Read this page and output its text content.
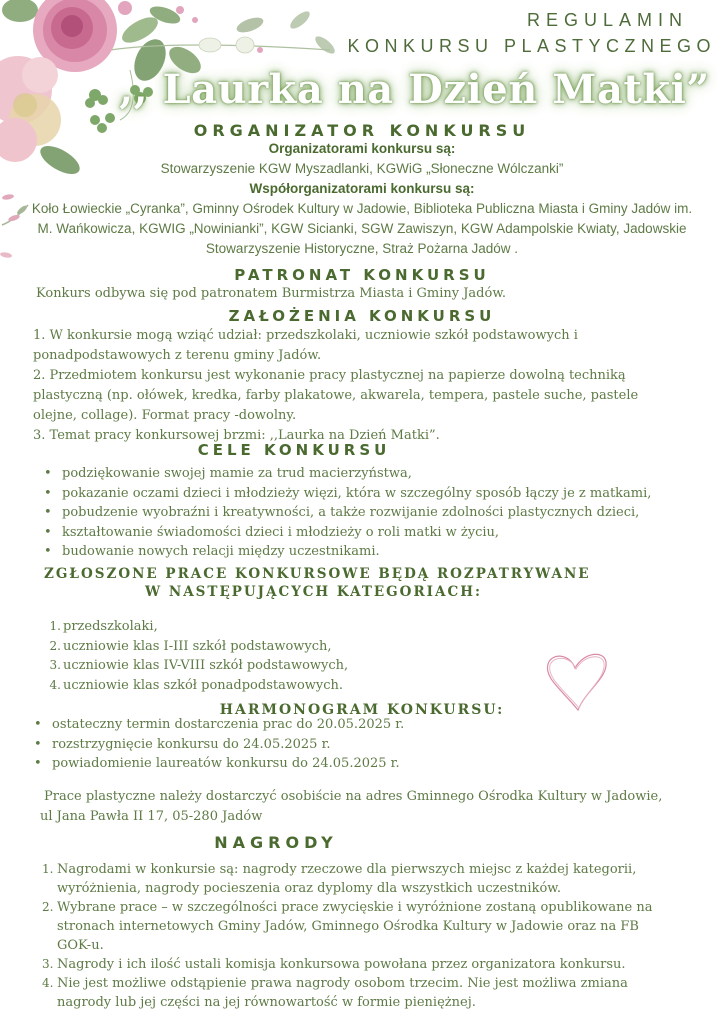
REGULAMIN
KONKURSU PLASTYCZNEGO
,, Laurka na Dzień Matki”
ORGANIZATOR KONKURSU
Organizatorami konkursu są:
Stowarzyszenie KGW Myszadlanki, KGWiG „Słoneczne Wólczanki”
Współorganizatorami konkursu są:
Koło Łowieckie „Cyranka”, Gminny Ośrodek Kultury w Jadowie, Biblioteka Publiczna Miasta i Gminy Jadów im.
M. Wańkowicza, KGWIG „Nowinianki”, KGW Sicianki, SGW Zawiszyn, KGW Adampolskie Kwiaty, Jadowskie
Stowarzyszenie Historyczne, Straż Pożarna Jadów .
PATRONAT KONKURSU
Konkurs odbywa się pod patronatem Burmistrza Miasta i Gminy Jadów.
ZAŁOŻENIA KONKURSU
1. W konkursie mogą wziąć udział: przedszkolaki, uczniowie szkół podstawowych i
ponadpodstawowych z terenu gminy Jadów.
2. Przedmiotem konkursu jest wykonanie pracy plastycznej na papierze dowolną techniką
plastyczną (np. ołówek, kredka, farby plakatowe, akwarela, tempera, pastele suche, pastele
olejne, collage). Format pracy -dowolny.
3. Temat pracy konkursowej brzmi: ,,Laurka na Dzień Matki”.
CELE KONKURSU
• podziękowanie swojej mamie za trud macierzyństwa,
• pokazanie oczami dzieci i młodzieży więzi, która w szczególny sposób łączy je z matkami,
• pobudzenie wyobraźni i kreatywności, a także rozwijanie zdolności plastycznych dzieci,
• kształtowanie świadomości dzieci i młodzieży o roli matki w życiu,
• budowanie nowych relacji między uczestnikami.
ZGŁOSZONE PRACE KONKURSOWE BĘDĄ ROZPATRYWANE
W NASTĘPUJĄCYCH KATEGORIACH:
1. przedszkolaki,
2. uczniowie klas I-III szkół podstawowych,
3. uczniowie klas IV-VIII szkół podstawowych,
4. uczniowie klas szkół ponadpodstawowych.
HARMONOGRAM KONKURSU:
• ostateczny termin dostarczenia prac do 20.05.2025 r.
• rozstrzygnięcie konkursu do 24.05.2025 r.
• powiadomienie laureatów konkursu do 24.05.2025 r.
Prace plastyczne należy dostarczyć osobiście na adres Gminnego Ośrodka Kultury w Jadowie,
ul Jana Pawła II 17, 05-280 Jadów
NAGRODY
1. Nagrodami w konkursie są: nagrody rzeczowe dla pierwszych miejsc z każdej kategorii,
wyróżnienia, nagrody pocieszenia oraz dyplomy dla wszystkich uczestników.
2. Wybrane prace – w szczególności prace zwycięskie i wyróżnione zostaną opublikowane na
stronach internetowych Gminy Jadów, Gminnego Ośrodka Kultury w Jadowie oraz na FB
GOK-u.
3. Nagrody i ich ilość ustali komisja konkursowa powołana przez organizatora konkursu.
4. Nie jest możliwe odstąpienie prawa nagrody osobom trzecim. Nie jest możliwa zmiana
nagrody lub jej części na jej równowartość w formie pieniężnej.
